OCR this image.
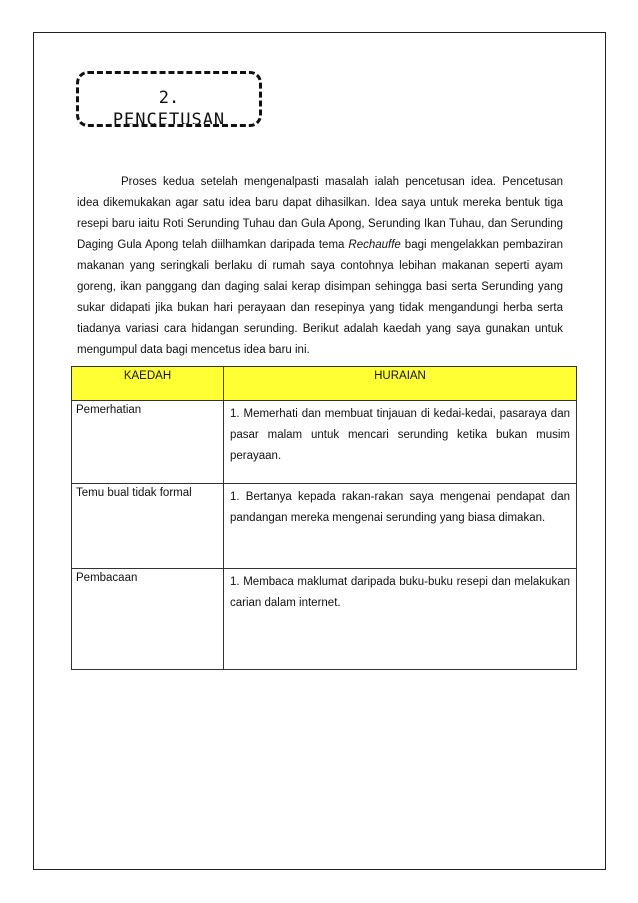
2.
PENCETUSAN
Proses kedua setelah mengenalpasti masalah ialah pencetusan idea. Pencetusan idea dikemukakan agar satu idea baru dapat dihasilkan. Idea saya untuk mereka bentuk tiga resepi baru iaitu Roti Serunding Tuhau dan Gula Apong, Serunding Ikan Tuhau, dan Serunding Daging Gula Apong telah diilhamkan daripada tema Rechauffe bagi mengelakkan pembaziran makanan yang seringkali berlaku di rumah saya contohnya lebihan makanan seperti ayam goreng, ikan panggang dan daging salai kerap disimpan sehingga basi serta Serunding yang sukar didapati jika bukan hari perayaan dan resepinya yang tidak mengandungi herba serta tiadanya variasi cara hidangan serunding. Berikut adalah kaedah yang saya gunakan untuk mengumpul data bagi mencetus idea baru ini.
KAEDAH	HURAIAN
Pemerhatian	1. Memerhati dan membuat tinjauan di kedai-kedai, pasaraya dan pasar malam untuk mencari serunding ketika bukan musim perayaan.
Temu bual tidak formal	1. Bertanya kepada rakan-rakan saya mengenai pendapat dan pandangan mereka mengenai serunding yang biasa dimakan.
Pembacaan	1. Membaca maklumat daripada buku-buku resepi dan melakukan carian dalam internet.
